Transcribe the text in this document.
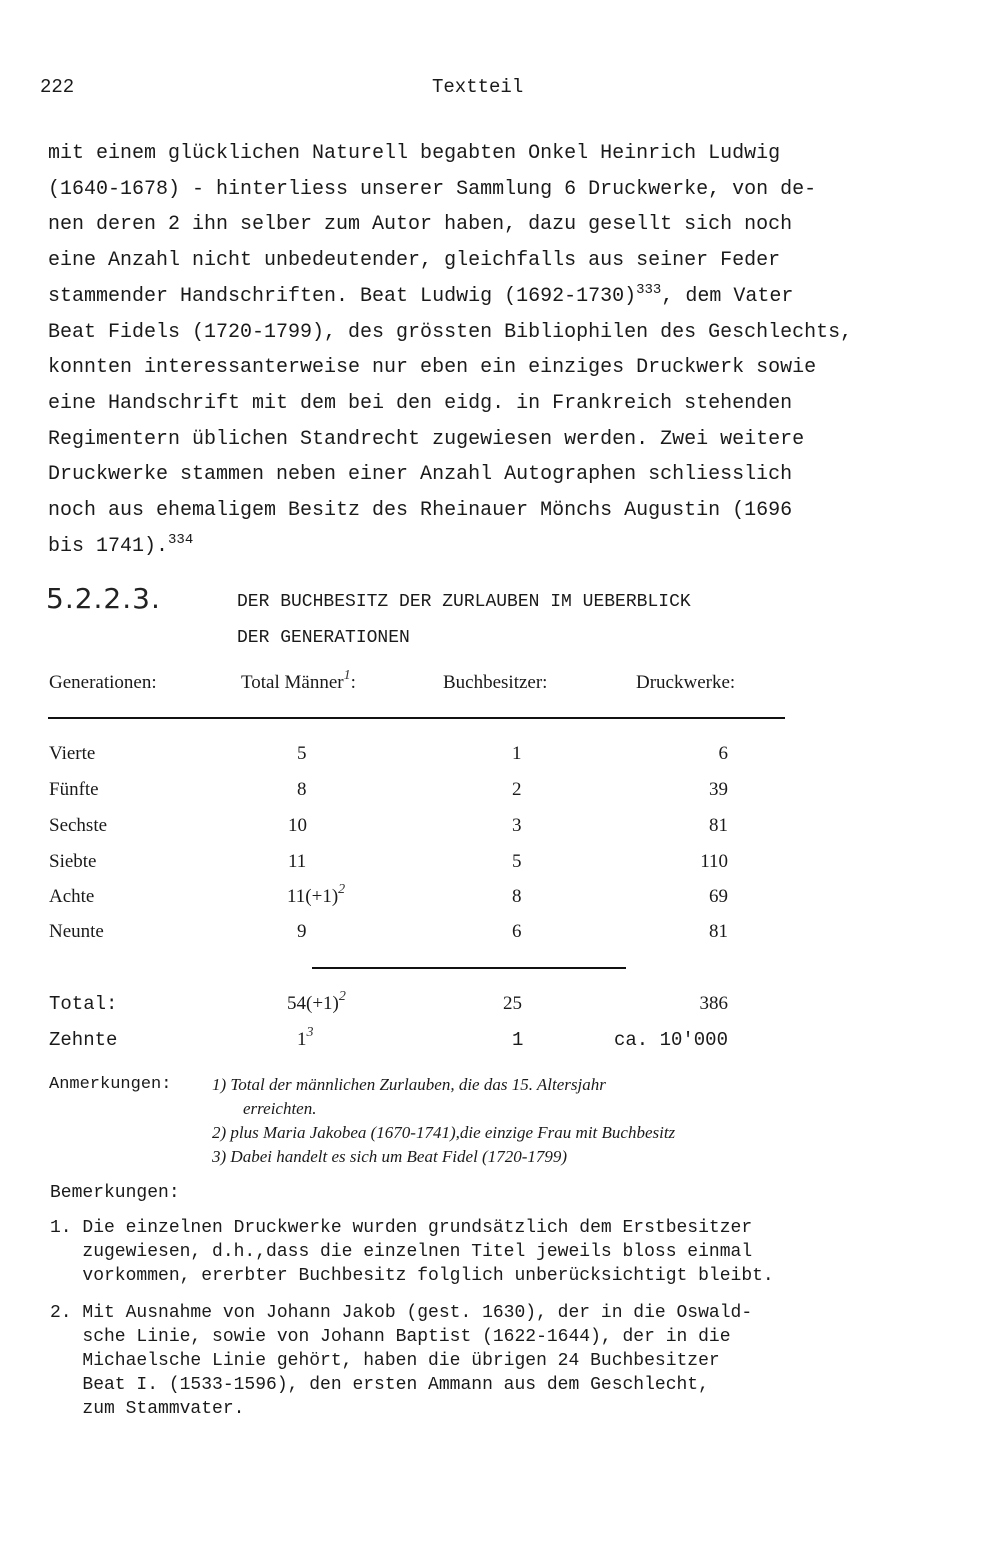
222	Textteil
mit einem glücklichen Naturell begabten Onkel Heinrich Ludwig
(1640-1678) - hinterliess unserer Sammlung 6 Druckwerke, von de-
nen deren 2 ihn selber zum Autor haben, dazu gesellt sich noch
eine Anzahl nicht unbedeutender, gleichfalls aus seiner Feder
stammender Handschriften. Beat Ludwig (1692-1730)$^{333}$, dem Vater
Beat Fidels (1720-1799), des grössten Bibliophilen des Geschlechts,
konnten interessanterweise nur eben ein einziges Druckwerk sowie
eine Handschrift mit dem bei den eidg. in Frankreich stehenden
Regimentern üblichen Standrecht zugewiesen werden. Zwei weitere
Druckwerke stammen neben einer Anzahl Autographen schliesslich
noch aus ehemaligem Besitz des Rheinauer Mönchs Augustin (1696
bis 1741).$^{334}$
5.2.2.3.	DER BUCHBESITZ DER ZURLAUBEN IM UEBERBLICK
DER GENERATIONEN
Generationen:	Total Männer$^1$:	Buchbesitzer:	Druckwerke:
Vierte	5	1	6
Fünfte	8	2	39
Sechste	10	3	81
Siebte	11	5	110
Achte	$11(+1)^2$	8	69
Neunte	9	6	81
Total:	$54(+1)^2$	25	386
Zehnte	$1^3$	1	ca. 10'000
Anmerkungen: 1) Total der männlichen Zurlauben, die das 15. Altersjahr
erreichten.
2) plus Maria Jakobea (1670-1741),die einzige Frau mit Buchbesitz
3) Dabei handelt es sich um Beat Fidel (1720-1799)
Bemerkungen:
1. Die einzelnen Druckwerke wurden grundsätzlich dem Erstbesitzer
zugewiesen, d.h.,dass die einzelnen Titel jeweils bloss einmal
vorkommen, ererbter Buchbesitz folglich unberücksichtigt bleibt.
2. Mit Ausnahme von Johann Jakob (gest. 1630), der in die Oswald-
sche Linie, sowie von Johann Baptist (1622-1644), der in die
Michaelsche Linie gehört, haben die übrigen 24 Buchbesitzer
Beat I. (1533-1596), den ersten Ammann aus dem Geschlecht,
zum Stammvater.
